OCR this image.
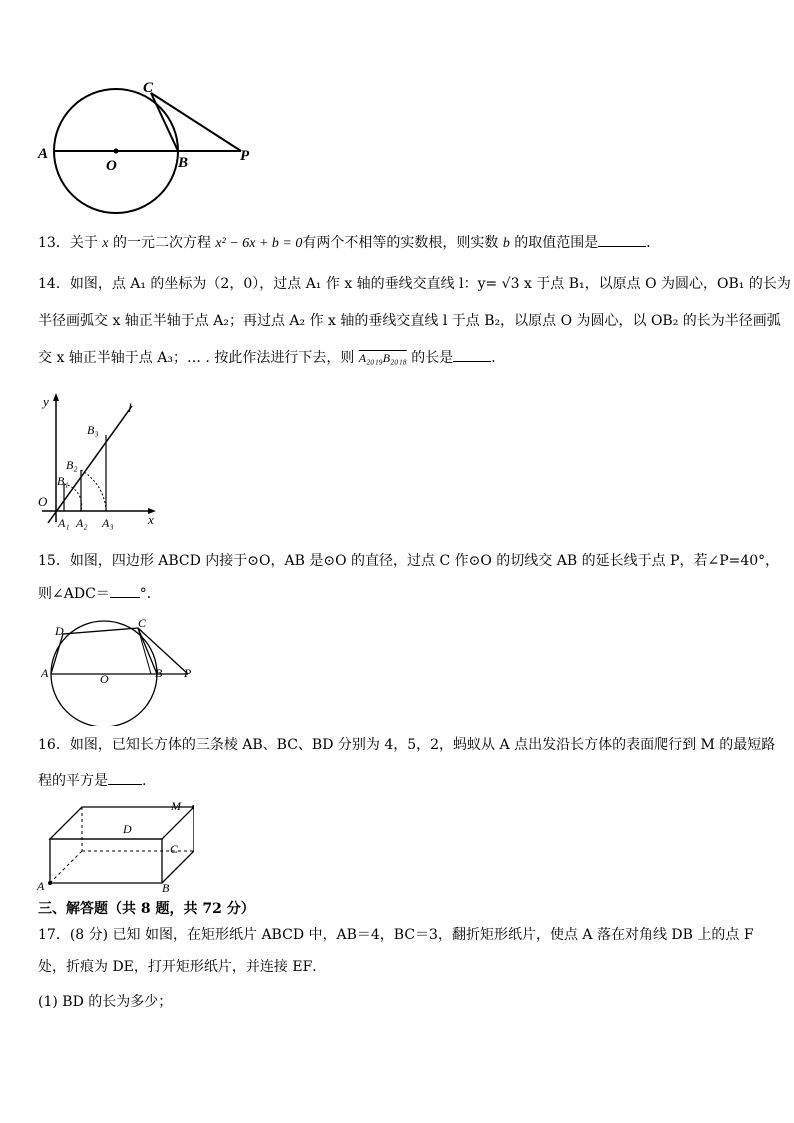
A
O	B	P
C
13．关于 x 的一元二次方程 x² − 6x + b = 0有两个不相等的实数根，则实数 b 的取值范围是	．
14．如图，点 A₁ 的坐标为（2，0），过点 A₁ 作 x 轴的垂线交直线 l：y= √3 x 于点 B₁，以原点 O 为圆心，OB₁ 的长为
半径画弧交 x 轴正半轴于点 A₂；再过点 A₂ 作 x 轴的垂线交直线 l 于点 B₂，以原点 O 为圆心，以 OB₂ 的长为半径画弧
交 x 轴正半轴于点 A₃；… . 按此作法进行下去，则 A₂₀₁₉B₂₀₁₈ 的长是	．
y
x
l
O
A₁ A₂ A₃
B₁
B₂
B₃
15．如图，四边形 ABCD 内接于⊙O，AB 是⊙O 的直径，过点 C 作⊙O 的切线交 AB 的延长线于点 P，若∠P=40°，
则∠ADC＝ °．
A	O	B P
C
D
16．如图，已知长方体的三条棱 AB、BC、BD 分别为 4，5，2，蚂蚁从 A 点出发沿长方体的表面爬行到 M 的最短路
程的平方是 .
A	B
C
D
M
三、解答题（共 8 题，共 72 分）
17．(8 分) 已知 如图，在矩形纸片 ABCD 中，AB＝4，BC＝3，翻折矩形纸片，使点 A 落在对角线 DB 上的点 F
处，折痕为 DE，打开矩形纸片，并连接 EF．
(1) BD 的长为多少；
